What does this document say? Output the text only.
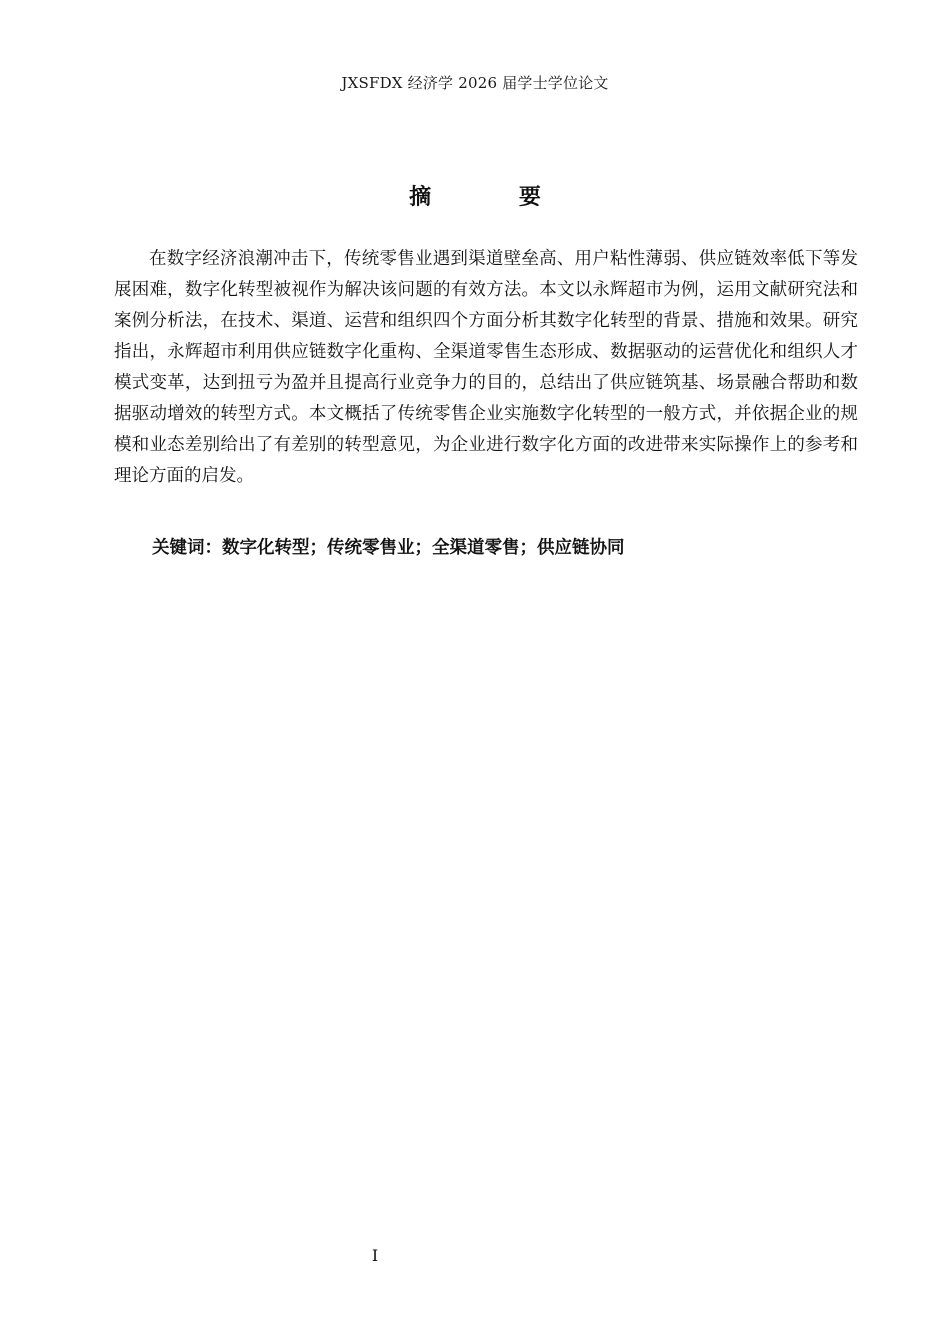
JXSFDX 经济学 2026 届学士学位论文
摘 要

在数字经济浪潮冲击下，传统零售业遇到渠道壁垒高、用户粘性薄弱、供应链效率低下等发展困难，数字化转型被视作为解决该问题的有效方法。本文以永辉超市为例，运用文献研究法和案例分析法，在技术、渠道、运营和组织四个方面分析其数字化转型的背景、措施和效果。研究指出，永辉超市利用供应链数字化重构、全渠道零售生态形成、数据驱动的运营优化和组织人才模式变革，达到扭亏为盈并且提高行业竞争力的目的，总结出了供应链筑基、场景融合帮助和数据驱动增效的转型方式。本文概括了传统零售企业实施数字化转型的一般方式，并依据企业的规模和业态差别给出了有差别的转型意见，为企业进行数字化方面的改进带来实际操作上的参考和理论方面的启发。

关键词：数字化转型；传统零售业；全渠道零售；供应链协同
I
